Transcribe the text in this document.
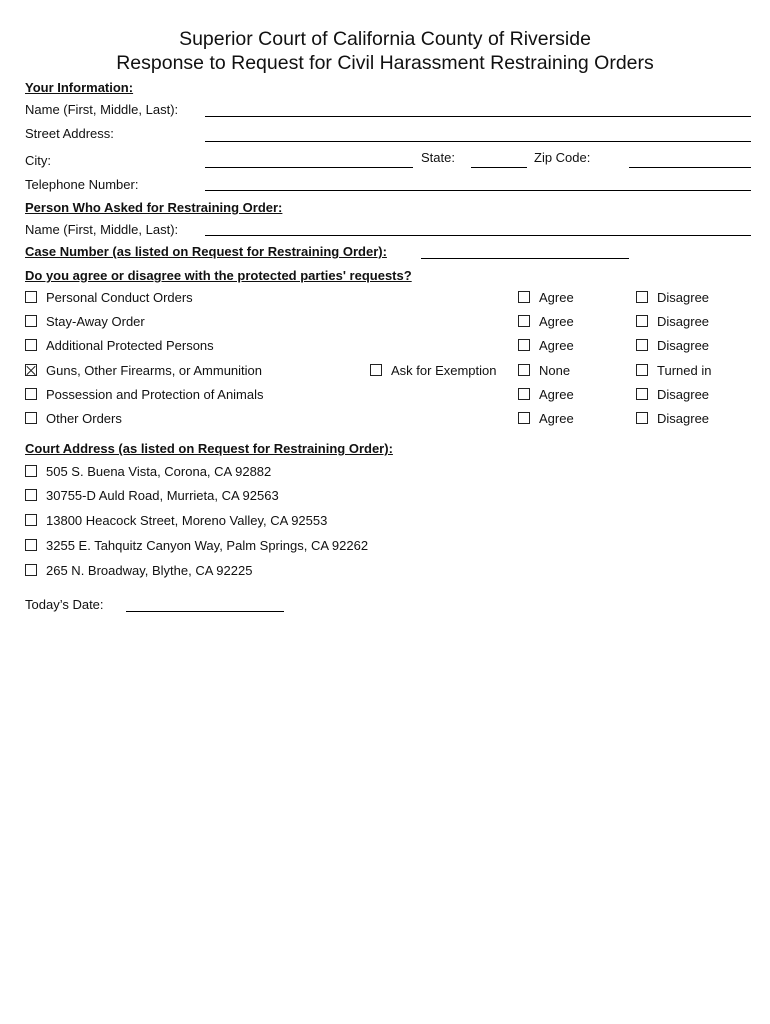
Superior Court of California County of Riverside
Response to Request for Civil Harassment Restraining Orders
Your Information:
Name (First, Middle, Last):
Street Address:
City:	State:	Zip Code:
Telephone Number:
Person Who Asked for Restraining Order:
Name (First, Middle, Last):
Case Number (as listed on Request for Restraining Order):
Do you agree or disagree with the protected parties' requests?
Personal Conduct Orders	Agree	Disagree
Stay-Away Order	Agree	Disagree
Additional Protected Persons	Agree	Disagree
Guns, Other Firearms, or Ammunition	Ask for Exemption	None	Turned in
Possession and Protection of Animals	Agree	Disagree
Other Orders	Agree	Disagree
Court Address (as listed on Request for Restraining Order):
505 S. Buena Vista, Corona, CA 92882
30755-D Auld Road, Murrieta, CA 92563
13800 Heacock Street, Moreno Valley, CA 92553
3255 E. Tahquitz Canyon Way, Palm Springs, CA 92262
265 N. Broadway, Blythe, CA 92225
Today’s Date:
